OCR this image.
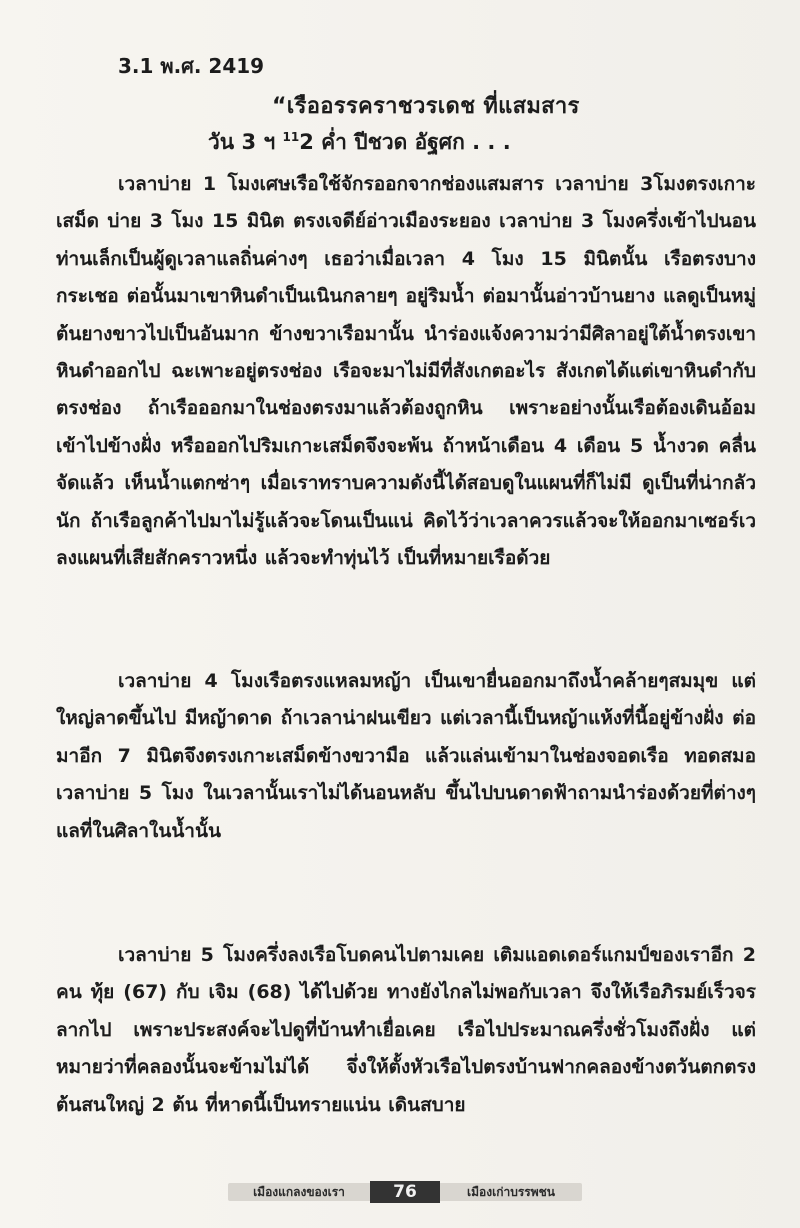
3.1 พ.ศ. 2419
“เรืออรรคราชวรเดช ที่แสมสาร
วัน 3 ฯ $^{11}$2 ค่ำ ปีชวด อัฐศก . . .

เวลาบ่าย 1 โมงเศษเรือใช้จักรออกจากช่องแสมสาร เวลาบ่าย 3โมงตรงเกาะเสม็ด บ่าย 3 โมง 15 มินิต ตรงเจดีย์อ่าวเมืองระยอง เวลาบ่าย 3 โมงครึ่งเข้าไปนอน ท่านเล็กเป็นผู้ดูเวลาแลถิ่นค่างๆ เธอว่าเมื่อเวลา 4 โมง 15 มินิตนั้น เรือตรงบางกระเชอ ต่อนั้นมาเขาหินดำเป็นเนินกลายๆ อยู่ริมน้ำ ต่อมานั้นอ่าวบ้านยาง แลดูเป็นหมู่ต้นยางขาวไปเป็นอันมาก ข้างขวาเรือมานั้น นำร่องแจ้งความว่ามีศิลาอยู่ใต้น้ำตรงเขาหินดำออกไป ฉะเพาะอยู่ตรงช่อง เรือจะมาไม่มีที่สังเกตอะไร สังเกตได้แต่เขาหินดำกับตรงช่อง ถ้าเรือออกมาในช่องตรงมาแล้วต้องถูกหิน เพราะอย่างนั้นเรือต้องเดินอ้อมเข้าไปข้างฝั่ง หรือออกไปริมเกาะเสม็ดจึงจะพ้น ถ้าหน้าเดือน 4 เดือน 5 น้ำงวด คลื่นจัดแล้ว เห็นน้ำแตกซ่าๆ เมื่อเราทราบความดังนี้ได้สอบดูในแผนที่ก็ไม่มี ดูเป็นที่น่ากลัวนัก ถ้าเรือลูกค้าไปมาไม่รู้แล้วจะโดนเป็นแน่ คิดไว้ว่าเวลาควรแล้วจะให้ออกมาเซอร์เว ลงแผนที่เสียสักคราวหนึ่ง แล้วจะทำทุ่นไว้ เป็นที่หมายเรือด้วย

เวลาบ่าย 4 โมงเรือตรงแหลมหญ้า เป็นเขายื่นออกมาถึงน้ำคล้ายๆสมมุข แต่ใหญ่ลาดขึ้นไป มีหญ้าดาด ถ้าเวลาน่าฝนเขียว แต่เวลานี้เป็นหญ้าแห้งที่นี้อยู่ข้างฝั่ง ต่อมาอีก 7 มินิตจึงตรงเกาะเสม็ดข้างขวามือ แล้วแล่นเข้ามาในช่องจอดเรือ ทอดสมอเวลาบ่าย 5 โมง ในเวลานั้นเราไม่ได้นอนหลับ ขึ้นไปบนดาดฟ้าถามนำร่องด้วยที่ต่างๆ แลที่ในศิลาในน้ำนั้น

เวลาบ่าย 5 โมงครึ่งลงเรือโบดคนไปตามเคย เติมแอดเดอร์แกมป์ของเราอีก 2 คน ทุ้ย (67) กับ เจิม (68) ได้ไปด้วย ทางยังไกลไม่พอกับเวลา จึงให้เรือภิรมย์เร็วจรลากไป เพราะประสงค์จะไปดูที่บ้านทำเยื่อเคย เรือไปประมาณครึ่งชั่วโมงถึงฝั่ง แต่หมายว่าที่คลองนั้นจะข้ามไม่ได้ จึ่งให้ตั้งหัวเรือไปตรงบ้านฟากคลองข้างตวันตกตรงต้นสนใหญ่ 2 ต้น ที่หาดนี้เป็นทรายแน่น เดินสบาย

เมืองแกลงของเรา	76	เมืองเก่าบรรพชน
